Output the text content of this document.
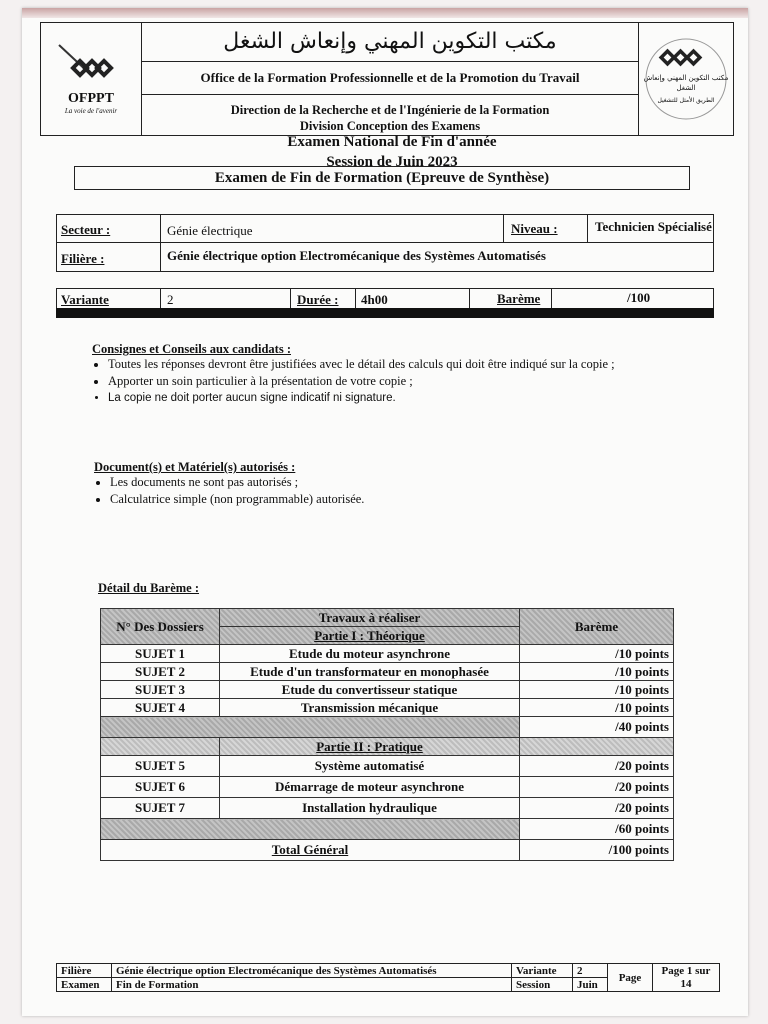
OFPPT
La voie de l'avenir
مكتب التكوين المهني وإنعاش الشغل
Office de la Formation Professionnelle et de la Promotion du Travail
Direction de la Recherche et de l'Ingénierie de la Formation
Division Conception des Examens
مكتب التكوين المهني وإنعاش الشغل
الطريق الأمثل للتشغيل
Examen National de Fin d'année
Session de Juin 2023
Examen de Fin de Formation (Epreuve de Synthèse)
Secteur :	Génie électrique	Niveau :	Technicien Spécialisé
Filière :	Génie électrique option Electromécanique des Systèmes Automatisés
Variante	2	Durée : 4h00	Barème	/100
Consignes et Conseils aux candidats :
• Toutes les réponses devront être justifiées avec le détail des calculs qui doit être indiqué sur la copie ;
• Apporter un soin particulier à la présentation de votre copie ;
• La copie ne doit porter aucun signe indicatif ni signature.
Document(s) et Matériel(s) autorisés :
• Les documents ne sont pas autorisés ;
• Calculatrice simple (non programmable) autorisée.
Détail du Barème :
N° Des Dossiers	Travaux à réaliser	Barème
	Partie I : Théorique	
SUJET 1	Etude du moteur asynchrone	/10 points
SUJET 2	Etude d'un transformateur en monophasée	/10 points
SUJET 3	Etude du convertisseur statique	/10 points
SUJET 4	Transmission mécanique	/10 points
		/40 points
	Partie II : Pratique	
SUJET 5	Système automatisé	/20 points
SUJET 6	Démarrage de moteur asynchrone	/20 points
SUJET 7	Installation hydraulique	/20 points
		/60 points
Total Général		/100 points
Filière	Génie électrique option Electromécanique des Systèmes Automatisés	Variante	2	Page	Page 1 sur 14
Examen	Fin de Formation	Session	Juin		
